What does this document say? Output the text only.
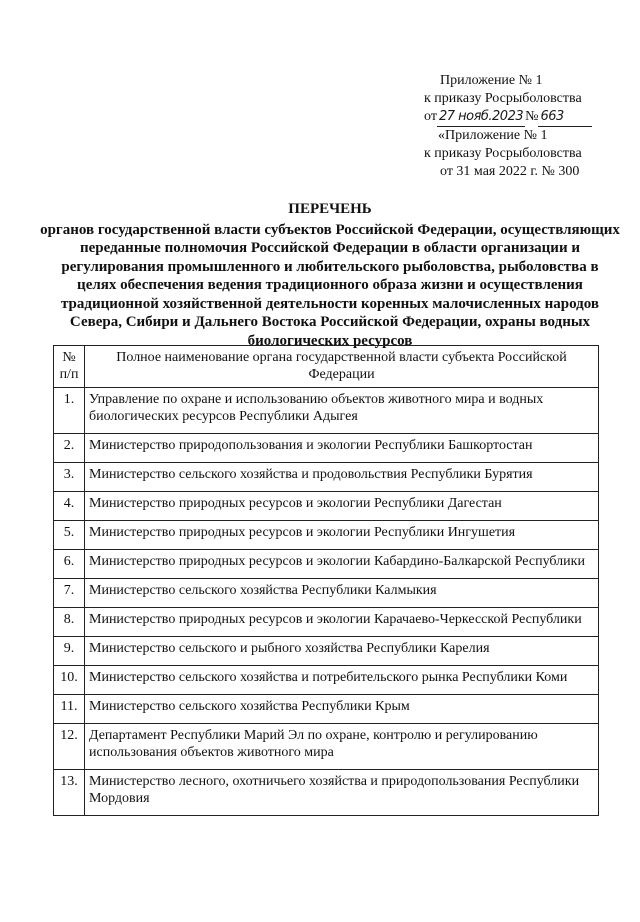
Приложение № 1
к приказу Росрыболовства
от 27 нояб.2023 № 663
«Приложение № 1
к приказу Росрыболовства
от 31 мая 2022 г. № 300
ПЕРЕЧЕНЬ
органов государственной власти субъектов Российской Федерации, осуществляющих переданные полномочия Российской Федерации в области организации и регулирования промышленного и любительского рыболовства, рыболовства в целях обеспечения ведения традиционного образа жизни и осуществления традиционной хозяйственной деятельности коренных малочисленных народов Севера, Сибири и Дальнего Востока Российской Федерации, охраны водных биологических ресурсов
№ п/п	Полное наименование органа государственной власти субъекта Российской Федерации
1.	Управление по охране и использованию объектов животного мира и водных биологических ресурсов Республики Адыгея
2.	Министерство природопользования и экологии Республики Башкортостан
3.	Министерство сельского хозяйства и продовольствия Республики Бурятия
4.	Министерство природных ресурсов и экологии Республики Дагестан
5.	Министерство природных ресурсов и экологии Республики Ингушетия
6.	Министерство природных ресурсов и экологии Кабардино-Балкарской Республики
7.	Министерство сельского хозяйства Республики Калмыкия
8.	Министерство природных ресурсов и экологии Карачаево-Черкесской Республики
9.	Министерство сельского и рыбного хозяйства Республики Карелия
10.	Министерство сельского хозяйства и потребительского рынка Республики Коми
11.	Министерство сельского хозяйства Республики Крым
12.	Департамент Республики Марий Эл по охране, контролю и регулированию использования объектов животного мира
13.	Министерство лесного, охотничьего хозяйства и природопользования Республики Мордовия
